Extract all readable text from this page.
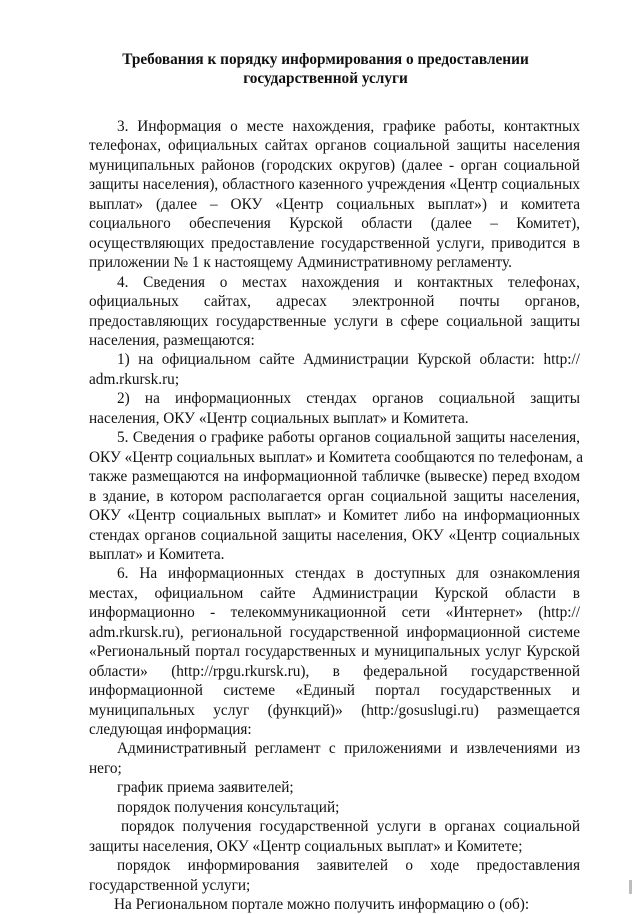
Требования к порядку информирования о предоставлении
государственной услуги
3. Информация о месте нахождения, графике работы, контактных
телефонах, официальных сайтах органов социальной защиты населения
муниципальных районов (городских округов) (далее - орган социальной
защиты населения), областного казенного учреждения «Центр социальных
выплат» (далее – ОКУ «Центр социальных выплат») и комитета
социального обеспечения Курской области (далее – Комитет),
осуществляющих предоставление государственной услуги, приводится в
приложении № 1 к настоящему Административному регламенту.
4. Сведения о местах нахождения и контактных телефонах,
официальных сайтах, адресах электронной почты органов,
предоставляющих государственные услуги в сфере социальной защиты
населения, размещаются:
1) на официальном сайте Администрации Курской области: http://
adm.rkursk.ru;
2) на информационных стендах органов социальной защиты
населения, ОКУ «Центр социальных выплат» и Комитета.
5. Сведения о графике работы органов социальной защиты населения,
ОКУ «Центр социальных выплат» и Комитета сообщаются по телефонам, а
также размещаются на информационной табличке (вывеске) перед входом
в здание, в котором располагается орган социальной защиты населения,
ОКУ «Центр социальных выплат» и Комитет либо на информационных
стендах органов социальной защиты населения, ОКУ «Центр социальных
выплат» и Комитета.
6. На информационных стендах в доступных для ознакомления
местах, официальном сайте Администрации Курской области в
информационно - телекоммуникационной сети «Интернет» (http://
adm.rkursk.ru), региональной государственной информационной системе
«Региональный портал государственных и муниципальных услуг Курской
области» (http://rpgu.rkursk.ru), в федеральной государственной
информационной системе «Единый портал государственных и
муниципальных услуг (функций)» (http:/gosuslugi.ru) размещается
следующая информация:
Административный регламент с приложениями и извлечениями из
него;
график приема заявителей;
порядок получения консультаций;
порядок получения государственной услуги в органах социальной
защиты населения, ОКУ «Центр социальных выплат» и Комитете;
порядок информирования заявителей о ходе предоставления
государственной услуги;
На Региональном портале можно получить информацию о (об):
